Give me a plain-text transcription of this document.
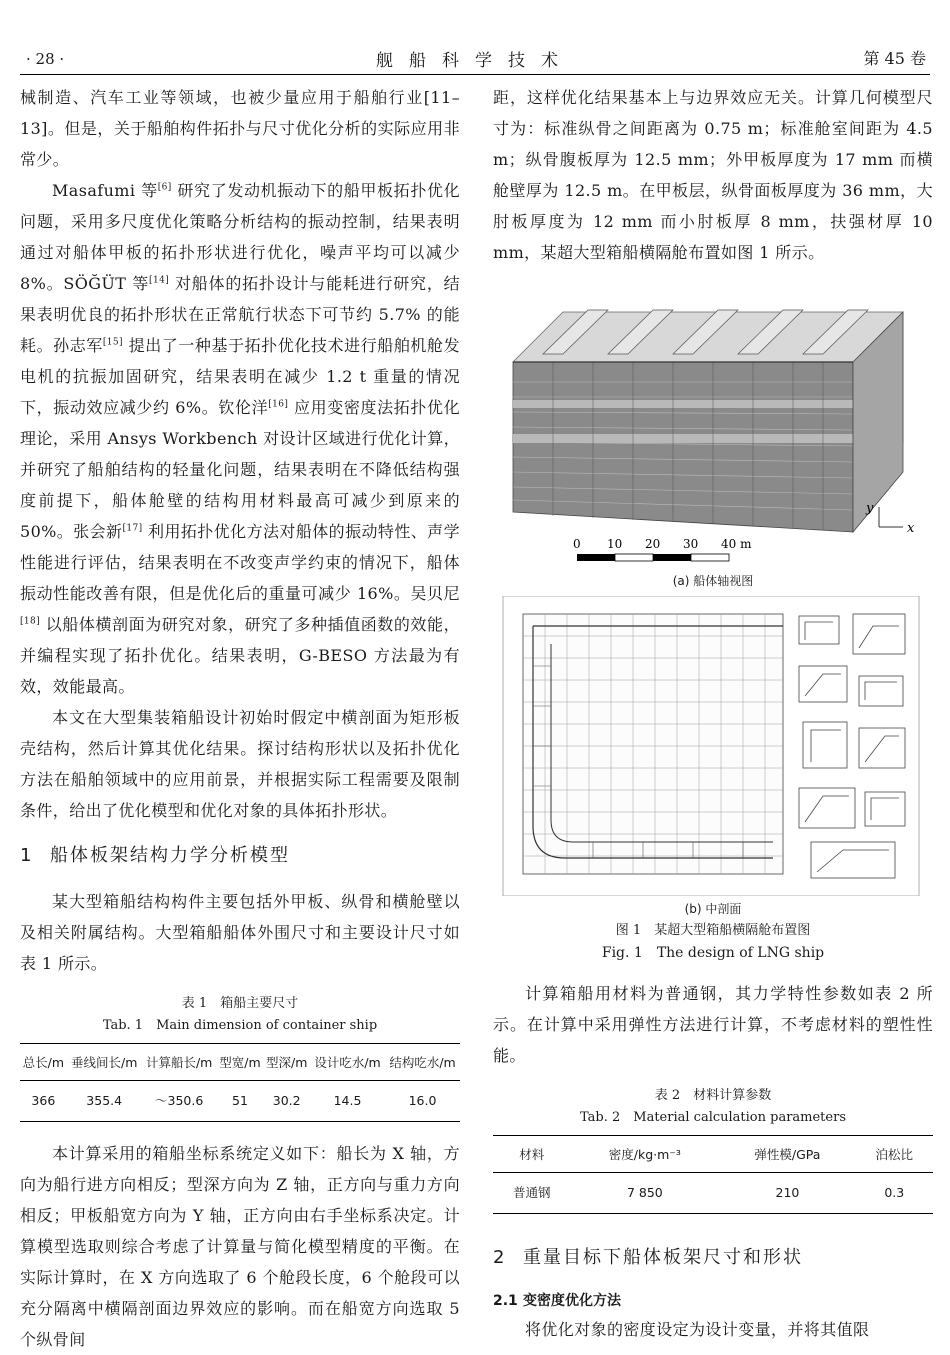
· 28 ·	舰船科学技术	第 45 卷

械制造、汽车工业等领域，也被少量应用于船舶行业[11–13]。但是，关于船舶构件拓扑与尺寸优化分析的实际应用非常少。

Masafumi 等[6] 研究了发动机振动下的船甲板拓扑优化问题，采用多尺度优化策略分析结构的振动控制，结果表明通过对船体甲板的拓扑形状进行优化，噪声平均可以减少 8%。SÖĞÜT 等[14] 对船体的拓扑设计与能耗进行研究，结果表明优良的拓扑形状在正常航行状态下可节约 5.7% 的能耗。孙志军[15] 提出了一种基于拓扑优化技术进行船舶机舱发电机的抗振加固研究，结果表明在减少 1.2 t 重量的情况下，振动效应减少约 6%。钦伦洋[16] 应用变密度法拓扑优化理论，采用 Ansys Workbench 对设计区域进行优化计算，并研究了船舶结构的轻量化问题，结果表明在不降低结构强度前提下，船体舱壁的结构用材料最高可减少到原来的 50%。张会新[17] 利用拓扑优化方法对船体的振动特性、声学性能进行评估，结果表明在不改变声学约束的情况下，船体振动性能改善有限，但是优化后的重量可减少 16%。吴贝尼[18] 以船体横剖面为研究对象，研究了多种插值函数的效能，并编程实现了拓扑优化。结果表明，G-BESO 方法最为有效，效能最高。

本文在大型集装箱船设计初始时假定中横剖面为矩形板壳结构，然后计算其优化结果。探讨结构形状以及拓扑优化方法在船舶领域中的应用前景，并根据实际工程需要及限制条件，给出了优化模型和优化对象的具体拓扑形状。

1 船体板架结构力学分析模型

某大型箱船结构构件主要包括外甲板、纵骨和横舱壁以及相关附属结构。大型箱船船体外围尺寸和主要设计尺寸如表 1 所示。

表 1　箱船主要尺寸
Tab. 1　Main dimension of container ship
总长/m	垂线间长/m	计算船长/m	型宽/m	型深/m	设计吃水/m	结构吃水/m
366	355.4	～350.6	51	30.2	14.5	16.0

本计算采用的箱船坐标系统定义如下：船长为 X 轴，方向为船行进方向相反；型深方向为 Z 轴，正方向与重力方向相反；甲板船宽方向为 Y 轴，正方向由右手坐标系决定。计算模型选取则综合考虑了计算量与简化模型精度的平衡。在实际计算时，在 X 方向选取了 6 个舱段长度，6 个舱段可以充分隔离中横隔剖面边界效应的影响。而在船宽方向选取 5 个纵骨间

距，这样优化结果基本上与边界效应无关。计算几何模型尺寸为：标准纵骨之间距离为 0.75 m；标准舱室间距为 4.5 m；纵骨腹板厚为 12.5 mm；外甲板厚度为 17 mm 而横舱壁厚为 12.5 m。在甲板层，纵骨面板厚度为 36 mm，大肘板厚度为 12 mm 而小肘板厚 8 mm，扶强材厚 10 mm，某超大型箱船横隔舱布置如图 1 所示。

y
x
0 10 20 30 40 m
(a) 船体轴视图
(b) 中剖面
图 1　某超大型箱船横隔舱布置图
Fig. 1　The design of LNG ship

计算箱船用材料为普通钢，其力学特性参数如表 2 所示。在计算中采用弹性方法进行计算，不考虑材料的塑性性能。

表 2　材料计算参数
Tab. 2　Material calculation parameters
材料	密度/kg·m⁻³	弹性模/GPa	泊松比
普通钢	7 850	210	0.3
2 重量目标下船体板架尺寸和形状
2.1 变密度优化方法

将优化对象的密度设定为设计变量，并将其值限
